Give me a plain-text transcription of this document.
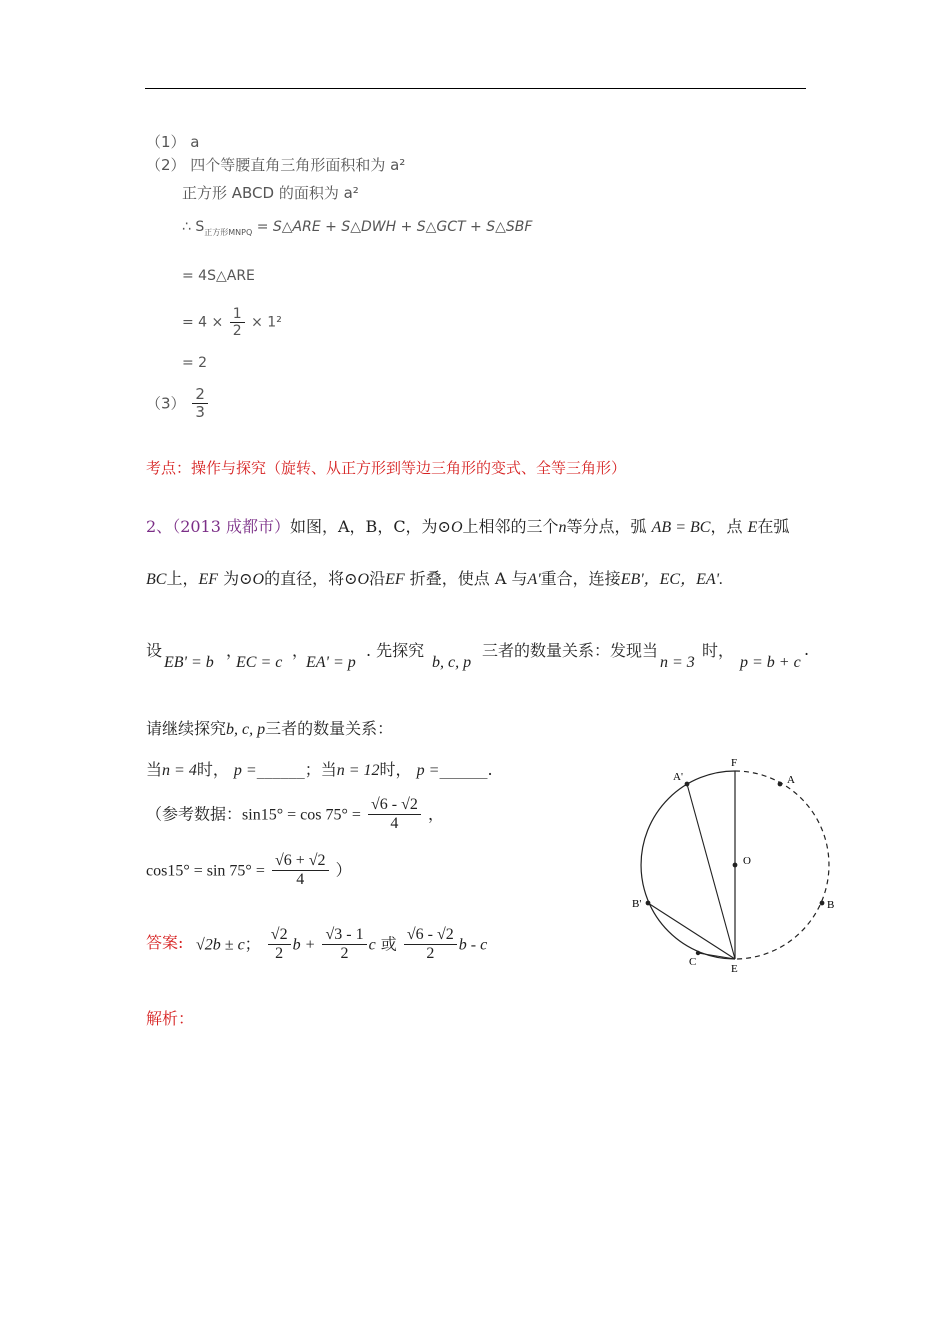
（1） a
（2） 四个等腰直角三角形面积和为 a²
正方形 ABCD 的面积为 a²
∴ $S_{正方形MNPQ}$ = S△ARE + S△DWH + S△GCT + S△SBF
= 4S△ARE
= $4 \times \frac{1}{2} \times 1^2$
= 2
$(3) \frac{2}{3}$
考点：操作与探究（旋转、从正方形到等边三角形的变式、全等三角形）
2、（2013 成都市）如图，A，B，C，为⊙O上相邻的三个n等分点，弧 AB = BC，点 E在弧
BC上，EF 为⊙O的直径，将⊙O沿EF 折叠，使点 A 与A'重合，连接EB'，EC，EA'.
设
EB' = b
，
EC = c
，
EA' = p
. 先探究
b, c, p
三者的数量关系：发现当
n = 3
时，
p = b + c
.
请继续探究b, c, p三者的数量关系：
当n = 4时， p =______；当n = 12时， p =______.
（参考数据：$\sin 15^\circ = \cos 75^\circ = \frac{√6 - √2}{4}$ ，
$\cos 15^\circ = \sin 75^\circ = \frac{√6 + √2}{4}$ ）
答案: √2b ± c； $\frac{√2}{2}$ $b + \frac{√3 - 1}{2}$ c 或 $\frac{√6 - √2}{2}$ b - c
解析：
F
A'	A
O
B'	B
C
E
